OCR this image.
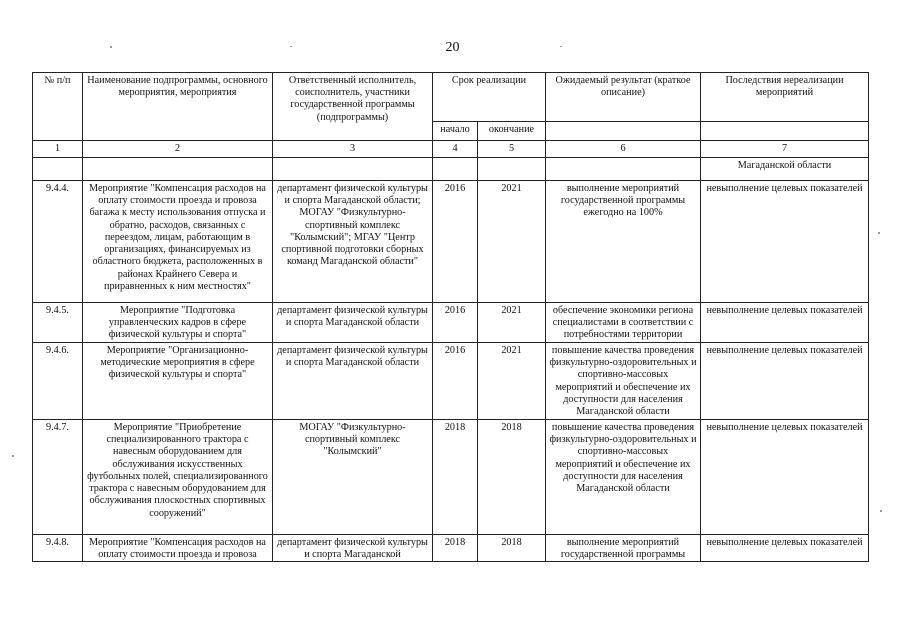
20
№ п/п	Наименование подпрограммы, основного мероприятия, мероприятия	Ответственный исполнитель, соисполнитель, участники государственной программы (подпрограммы)	Срок реализации		Ожидаемый результат (краткое описание)	Последствия нереализации мероприятий
			начало	окончание		
1	2	3	4	5	6	7
						Магаданской области
9.4.4.	Мероприятие "Компенсация расходов на оплату стоимости проезда и провоза багажа к месту использования отпуска и обратно, расходов, связанных с переездом, лицам, работающим в организациях, финансируемых из областного бюджета, расположенных в районах Крайнего Севера и приравненных к ним местностях"	департамент физической культуры и спорта Магаданской области; МОГАУ "Физкультурно-спортивный комплекс "Колымский"; МГАУ "Центр спортивной подготовки сборных команд Магаданской области"	2016	2021	выполнение мероприятий государственной программы ежегодно на 100%	невыполнение целевых показателей
9.4.5.	Мероприятие "Подготовка управленческих кадров в сфере физической культуры и спорта"	департамент физической культуры и спорта Магаданской области	2016	2021	обеспечение экономики региона специалистами в соответствии с потребностями территории	невыполнение целевых показателей
9.4.6.	Мероприятие "Организационно-методические мероприятия в сфере физической культуры и спорта"	департамент физической культуры и спорта Магаданской области	2016	2021	повышение качества проведения физкультурно-оздоровительных и спортивно-массовых мероприятий и обеспечение их доступности для населения Магаданской области	невыполнение целевых показателей
9.4.7.	Мероприятие "Приобретение специализированного трактора с навесным оборудованием для обслуживания искусственных футбольных полей, специализированного трактора с навесным оборудованием для обслуживания плоскостных спортивных сооружений"	МОГАУ "Физкультурно-спортивный комплекс "Колымский"	2018	2018	повышение качества проведения физкультурно-оздоровительных и спортивно-массовых мероприятий и обеспечение их доступности для населения Магаданской области	невыполнение целевых показателей
9.4.8.	Мероприятие "Компенсация расходов на оплату стоимости проезда и провоза	департамент физической культуры и спорта Магаданской	2018	2018	выполнение мероприятий государственной программы	невыполнение целевых показателей
